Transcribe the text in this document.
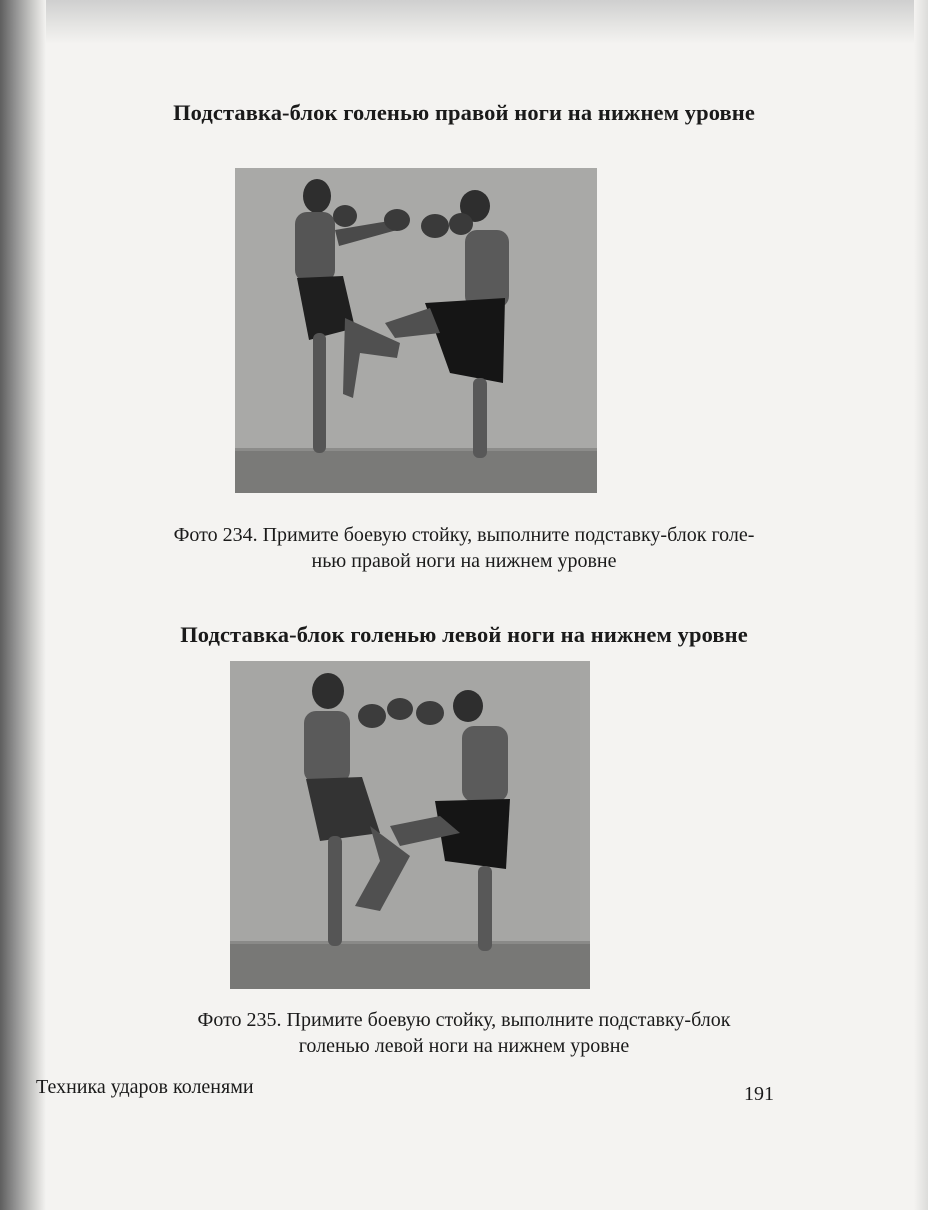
Подставка-блок голенью правой ноги на нижнем уровне

Фото 234. Примите боевую стойку, выполните подставку-блок голе-
нью правой ноги на нижнем уровне

Подставка-блок голенью левой ноги на нижнем уровне

Фото 235. Примите боевую стойку, выполните подставку-блок
голенью левой ноги на нижнем уровне

Техника ударов коленями	191
